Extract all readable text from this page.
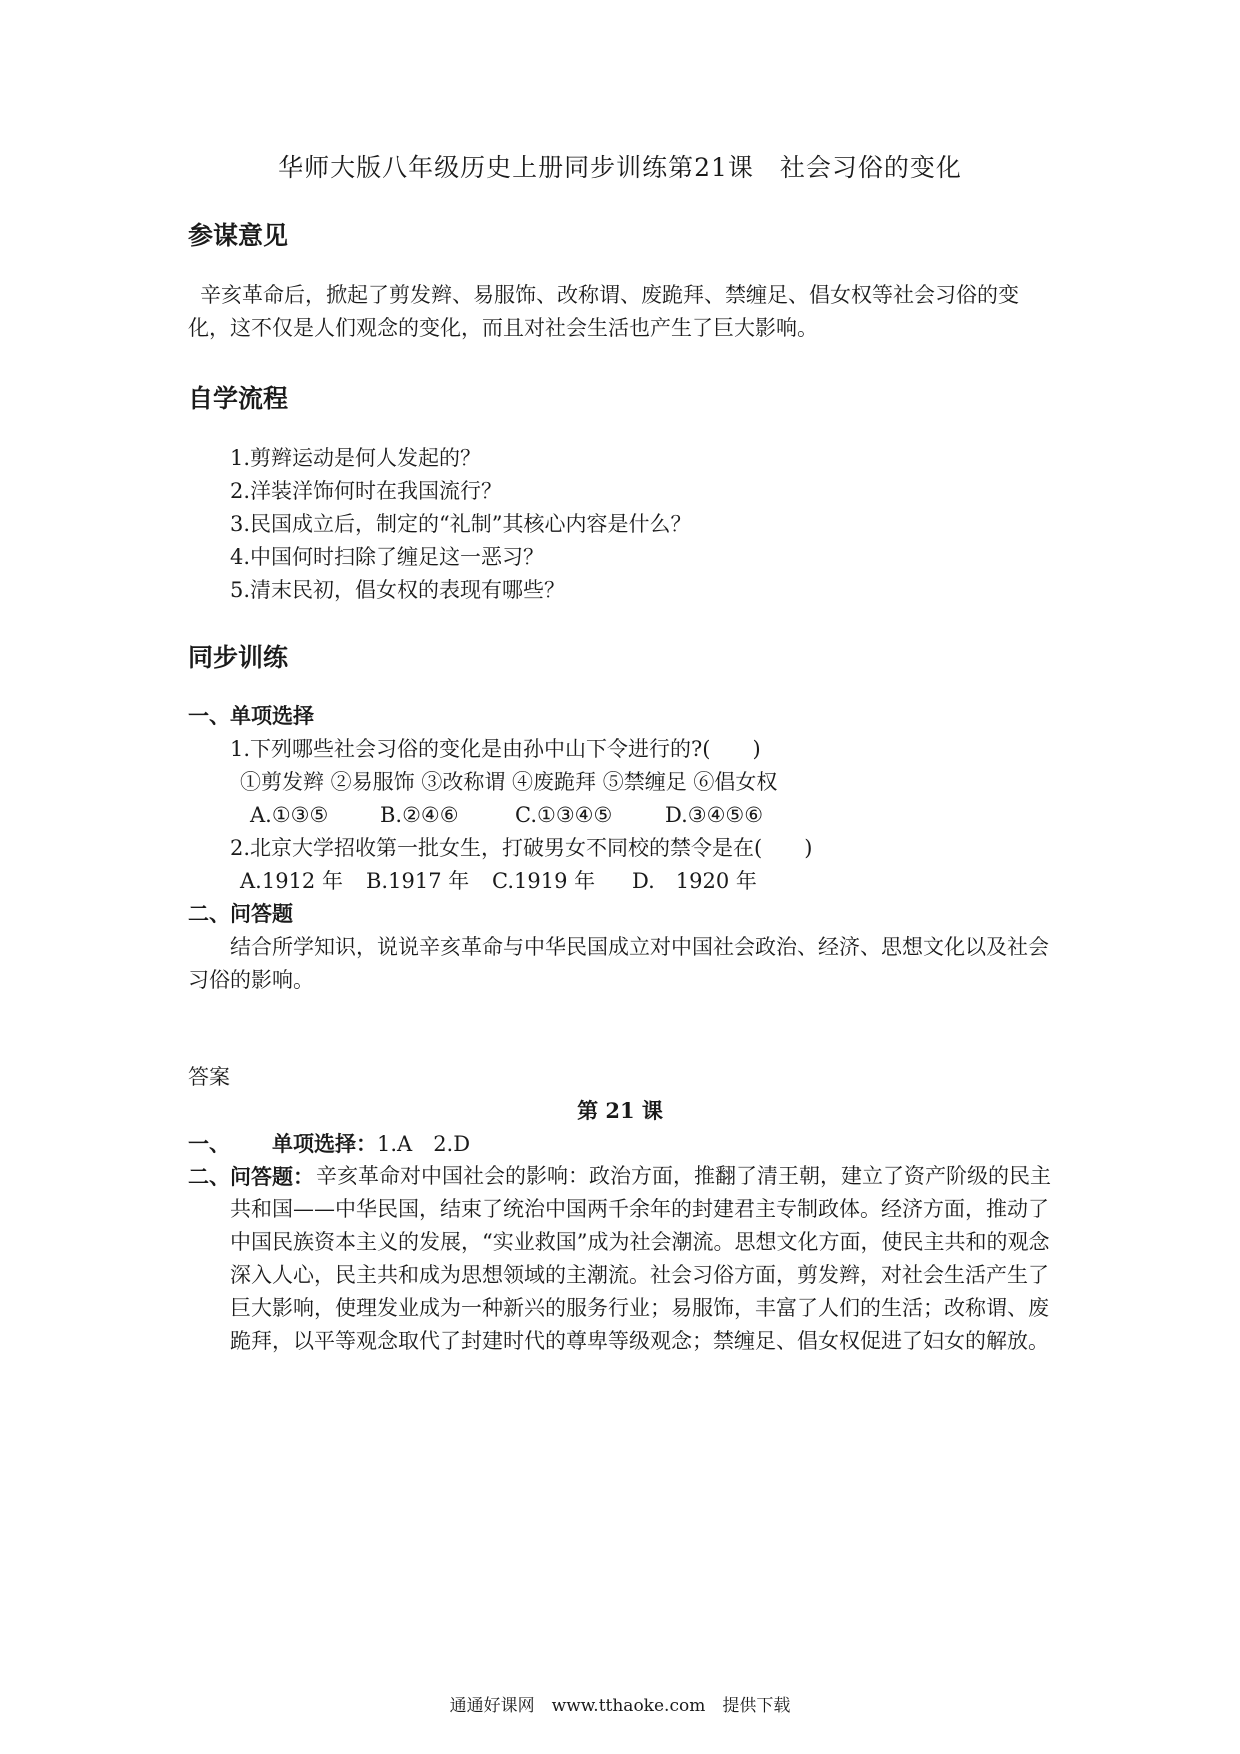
华师大版八年级历史上册同步训练第21课　社会习俗的变化
参谋意见
辛亥革命后，掀起了剪发辫、易服饰、改称谓、废跪拜、禁缠足、倡女权等社会习俗的变化，这不仅是人们观念的变化，而且对社会生活也产生了巨大影响。
自学流程
1.剪辫运动是何人发起的？
2.洋装洋饰何时在我国流行？
3.民国成立后，制定的“礼制”其核心内容是什么？
4.中国何时扫除了缠足这一恶习？
5.清末民初，倡女权的表现有哪些？
同步训练
一、单项选择
1.下列哪些社会习俗的变化是由孙中山下令进行的?(　　)
①剪发辫 ②易服饰 ③改称谓 ④废跪拜 ⑤禁缠足 ⑥倡女权
A.①③⑤ B.②④⑥	C.①③④⑤	D.③④⑤⑥
2.北京大学招收第一批女生，打破男女不同校的禁令是在(　　)
A.1912 年 B.1917 年 C.1919 年 D.　1920 年
二、问答题
结合所学知识，说说辛亥革命与中华民国成立对中国社会政治、经济、思想文化以及社会习俗的影响。
答案
第 21 课
一、 单项选择：1.A　2.D
二、问答题： 辛亥革命对中国社会的影响：政治方面，推翻了清王朝，建立了资产阶级的民主共和国——中华民国，结束了统治中国两千余年的封建君主专制政体。经济方面，推动了中国民族资本主义的发展，“实业救国”成为社会潮流。思想文化方面，使民主共和的观念深入人心，民主共和成为思想领域的主潮流。社会习俗方面，剪发辫，对社会生活产生了巨大影响，使理发业成为一种新兴的服务行业；易服饰，丰富了人们的生活；改称谓、废跪拜，以平等观念取代了封建时代的尊卑等级观念；禁缠足、倡女权促进了妇女的解放。
通通好课网　www.tthaoke.com　提供下载
